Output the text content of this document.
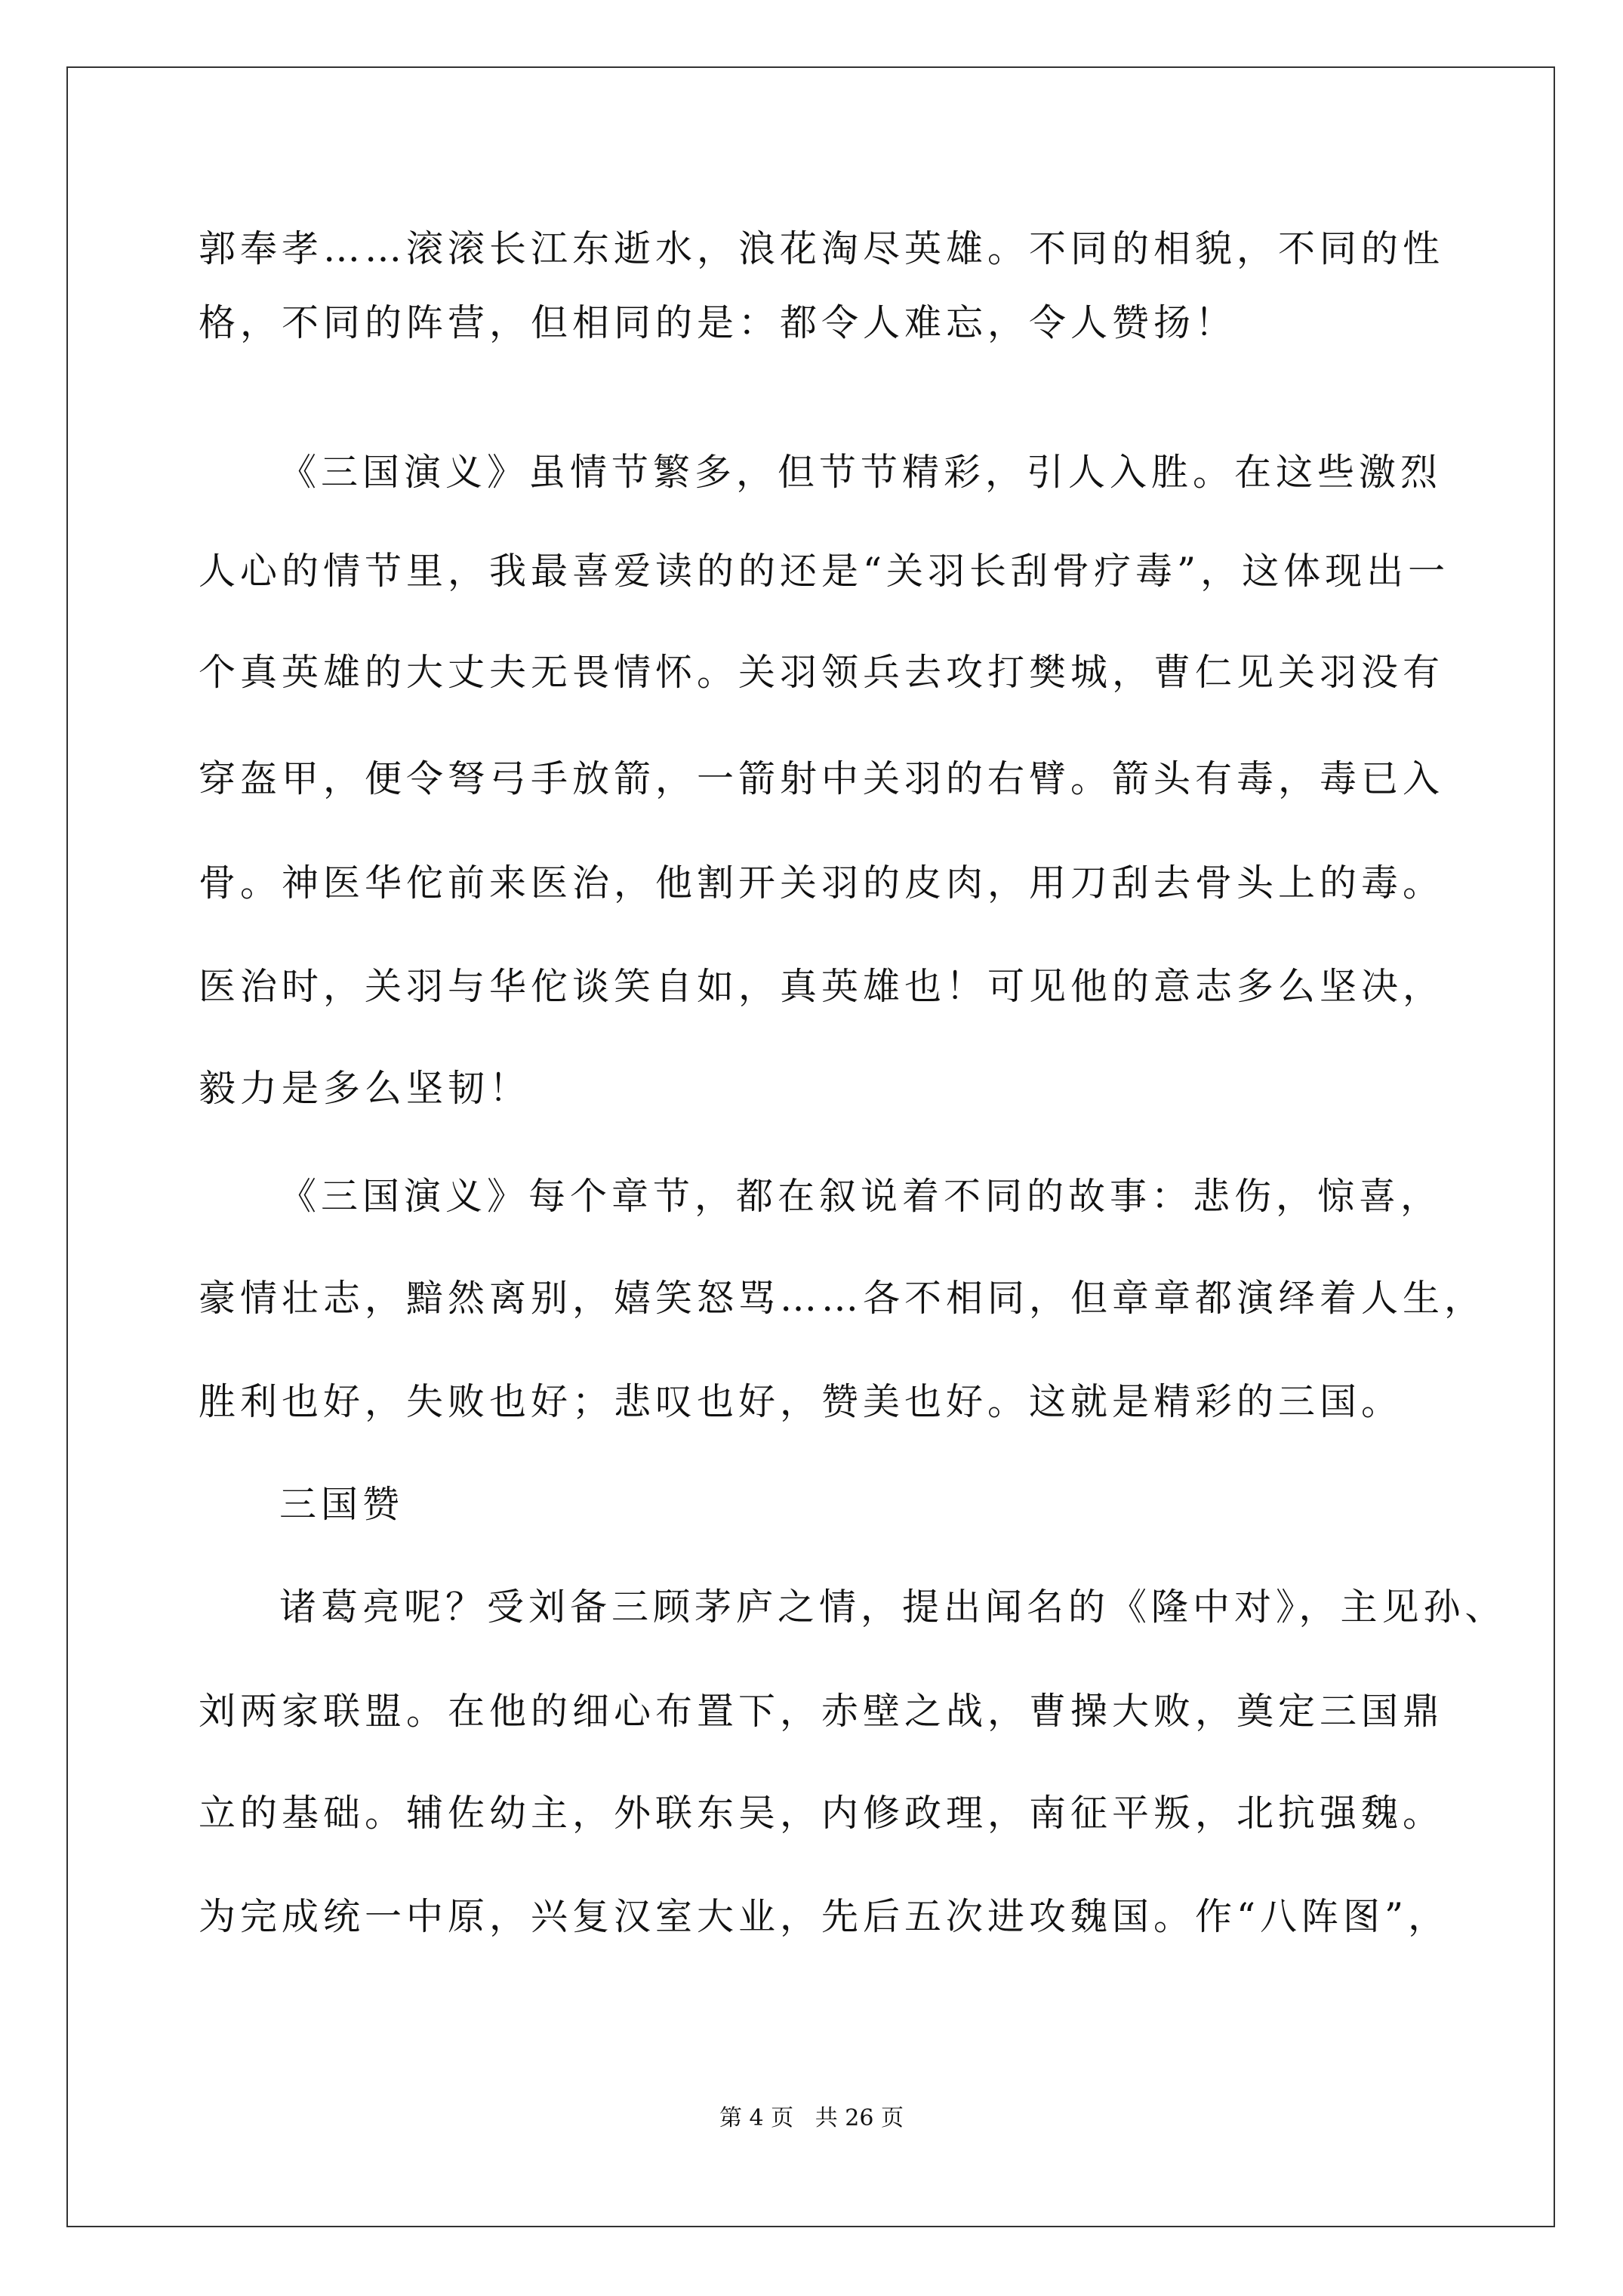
郭奉孝……滚滚长江东逝水，浪花淘尽英雄。不同的相貌，不同的性
格，不同的阵营，但相同的是：都令人难忘，令人赞扬！
《三国演义》虽情节繁多，但节节精彩，引人入胜。在这些激烈
人心的情节里，我最喜爱读的的还是“关羽长刮骨疗毒”，这体现出一
个真英雄的大丈夫无畏情怀。关羽领兵去攻打樊城，曹仁见关羽没有
穿盔甲，便令弩弓手放箭，一箭射中关羽的右臂。箭头有毒，毒已入
骨。神医华佗前来医治，他割开关羽的皮肉，用刀刮去骨头上的毒。
医治时，关羽与华佗谈笑自如，真英雄也！可见他的意志多么坚决，
毅力是多么坚韧！
《三国演义》每个章节，都在叙说着不同的故事：悲伤，惊喜，
豪情壮志，黯然离别，嬉笑怒骂……各不相同，但章章都演绎着人生，
胜利也好，失败也好；悲叹也好，赞美也好。这就是精彩的三国。
三国赞
诸葛亮呢？受刘备三顾茅庐之情，提出闻名的《隆中对》，主见孙、
刘两家联盟。在他的细心布置下，赤壁之战，曹操大败，奠定三国鼎
立的基础。辅佐幼主，外联东吴，内修政理，南征平叛，北抗强魏。
为完成统一中原，兴复汉室大业，先后五次进攻魏国。作“八阵图”，
第 4 页   共 26 页
